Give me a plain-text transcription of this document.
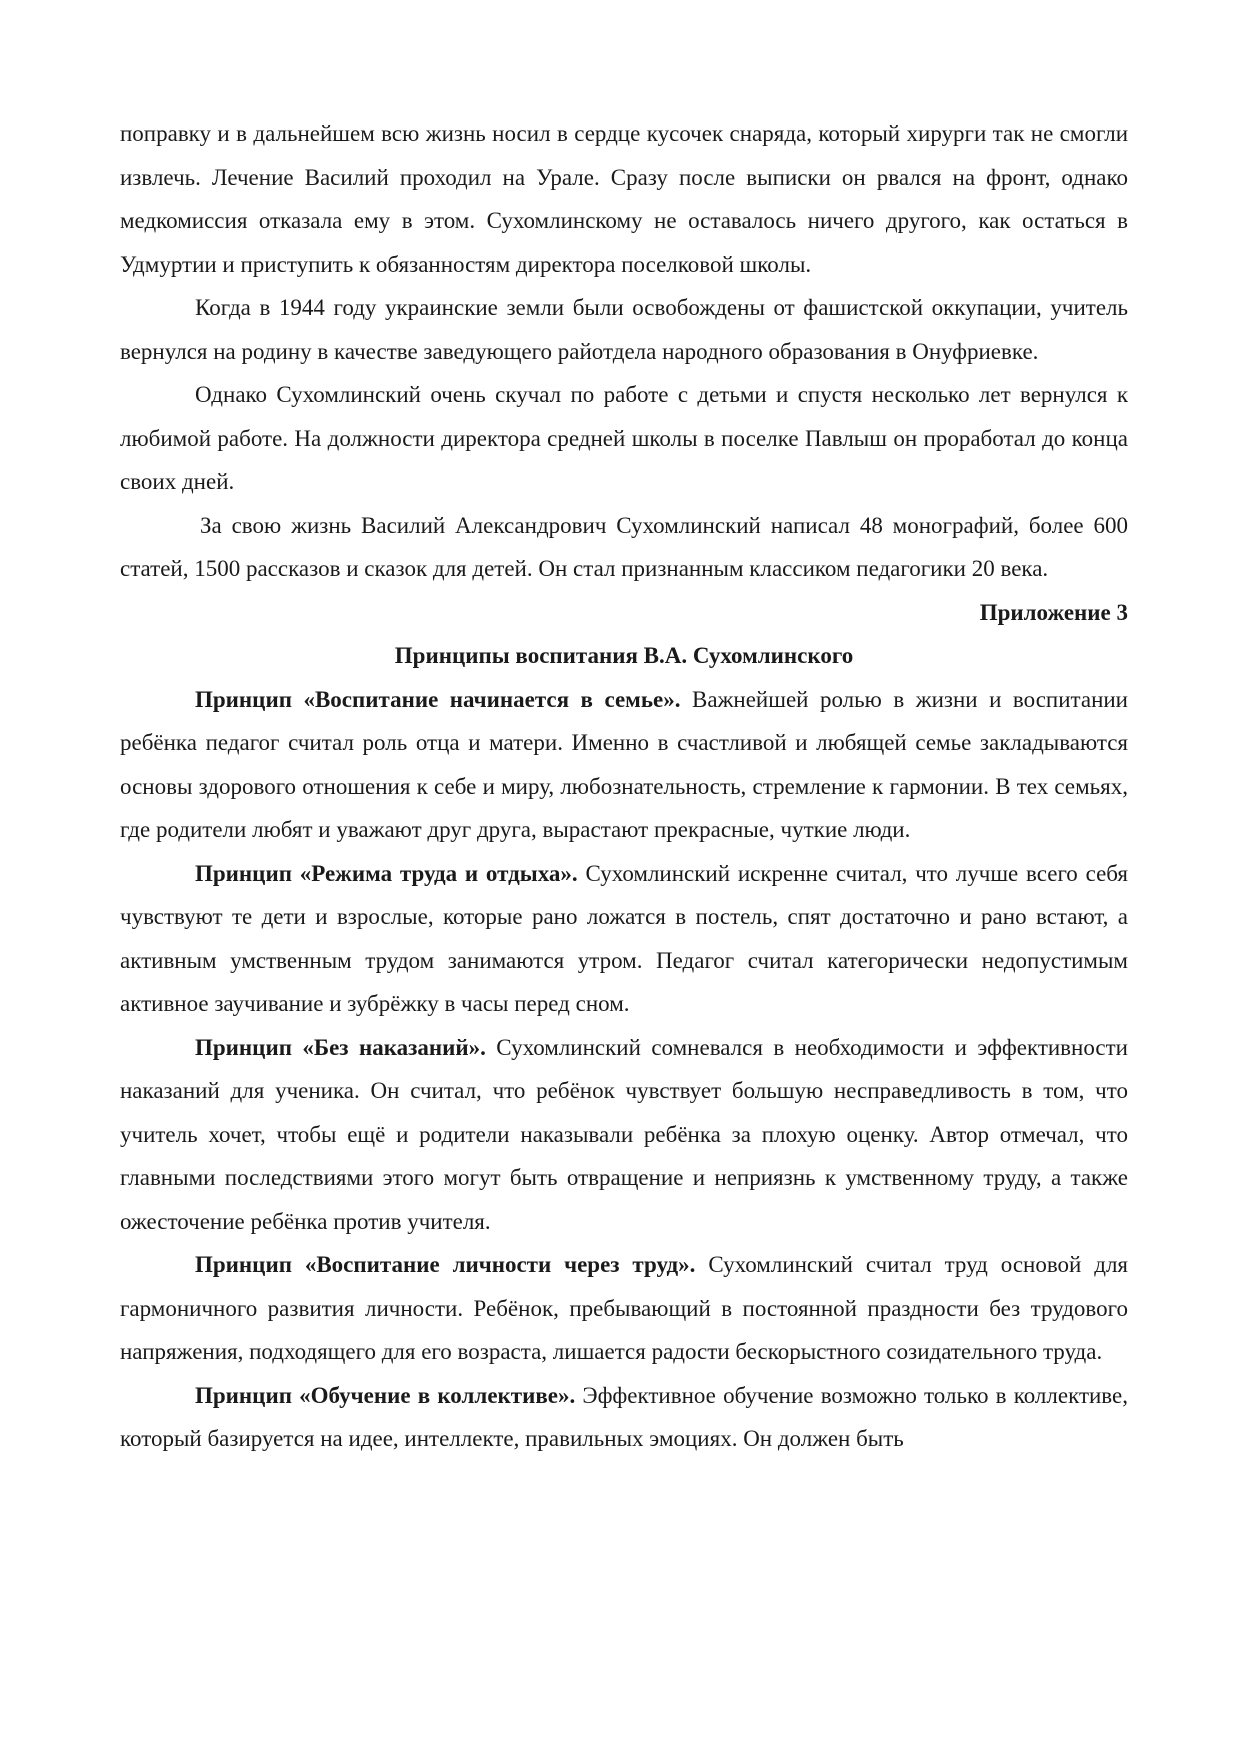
поправку и в дальнейшем всю жизнь носил в сердце кусочек снаряда, который хирурги так не смогли извлечь. Лечение Василий проходил на Урале. Сразу после выписки он рвался на фронт, однако медкомиссия отказала ему в этом. Сухомлинскому не оставалось ничего другого, как остаться в Удмуртии и приступить к обязанностям директора поселковой школы.

Когда в 1944 году украинские земли были освобождены от фашистской оккупации, учитель вернулся на родину в качестве заведующего райотдела народного образования в Онуфриевке.

Однако Сухомлинский очень скучал по работе с детьми и спустя несколько лет вернулся к любимой работе. На должности директора средней школы в поселке Павлыш он проработал до конца своих дней.

За свою жизнь Василий Александрович Сухомлинский написал 48 монографий, более 600 статей, 1500 рассказов и сказок для детей. Он стал признанным классиком педагогики 20 века.

Приложение 3

Принципы воспитания В.А. Сухомлинского

Принцип «Воспитание начинается в семье». Важнейшей ролью в жизни и воспитании ребёнка педагог считал роль отца и матери. Именно в счастливой и любящей семье закладываются основы здорового отношения к себе и миру, любознательность, стремление к гармонии. В тех семьях, где родители любят и уважают друг друга, вырастают прекрасные, чуткие люди.

Принцип «Режима труда и отдыха». Сухомлинский искренне считал, что лучше всего себя чувствуют те дети и взрослые, которые рано ложатся в постель, спят достаточно и рано встают, а активным умственным трудом занимаются утром. Педагог считал категорически недопустимым активное заучивание и зубрёжку в часы перед сном.

Принцип «Без наказаний». Сухомлинский сомневался в необходимости и эффективности наказаний для ученика. Он считал, что ребёнок чувствует большую несправедливость в том, что учитель хочет, чтобы ещё и родители наказывали ребёнка за плохую оценку. Автор отмечал, что главными последствиями этого могут быть отвращение и неприязнь к умственному труду, а также ожесточение ребёнка против учителя.

Принцип «Воспитание личности через труд». Сухомлинский считал труд основой для гармоничного развития личности. Ребёнок, пребывающий в постоянной праздности без трудового напряжения, подходящего для его возраста, лишается радости бескорыстного созидательного труда.

Принцип «Обучение в коллективе». Эффективное обучение возможно только в коллективе, который базируется на идее, интеллекте, правильных эмоциях. Он должен быть
